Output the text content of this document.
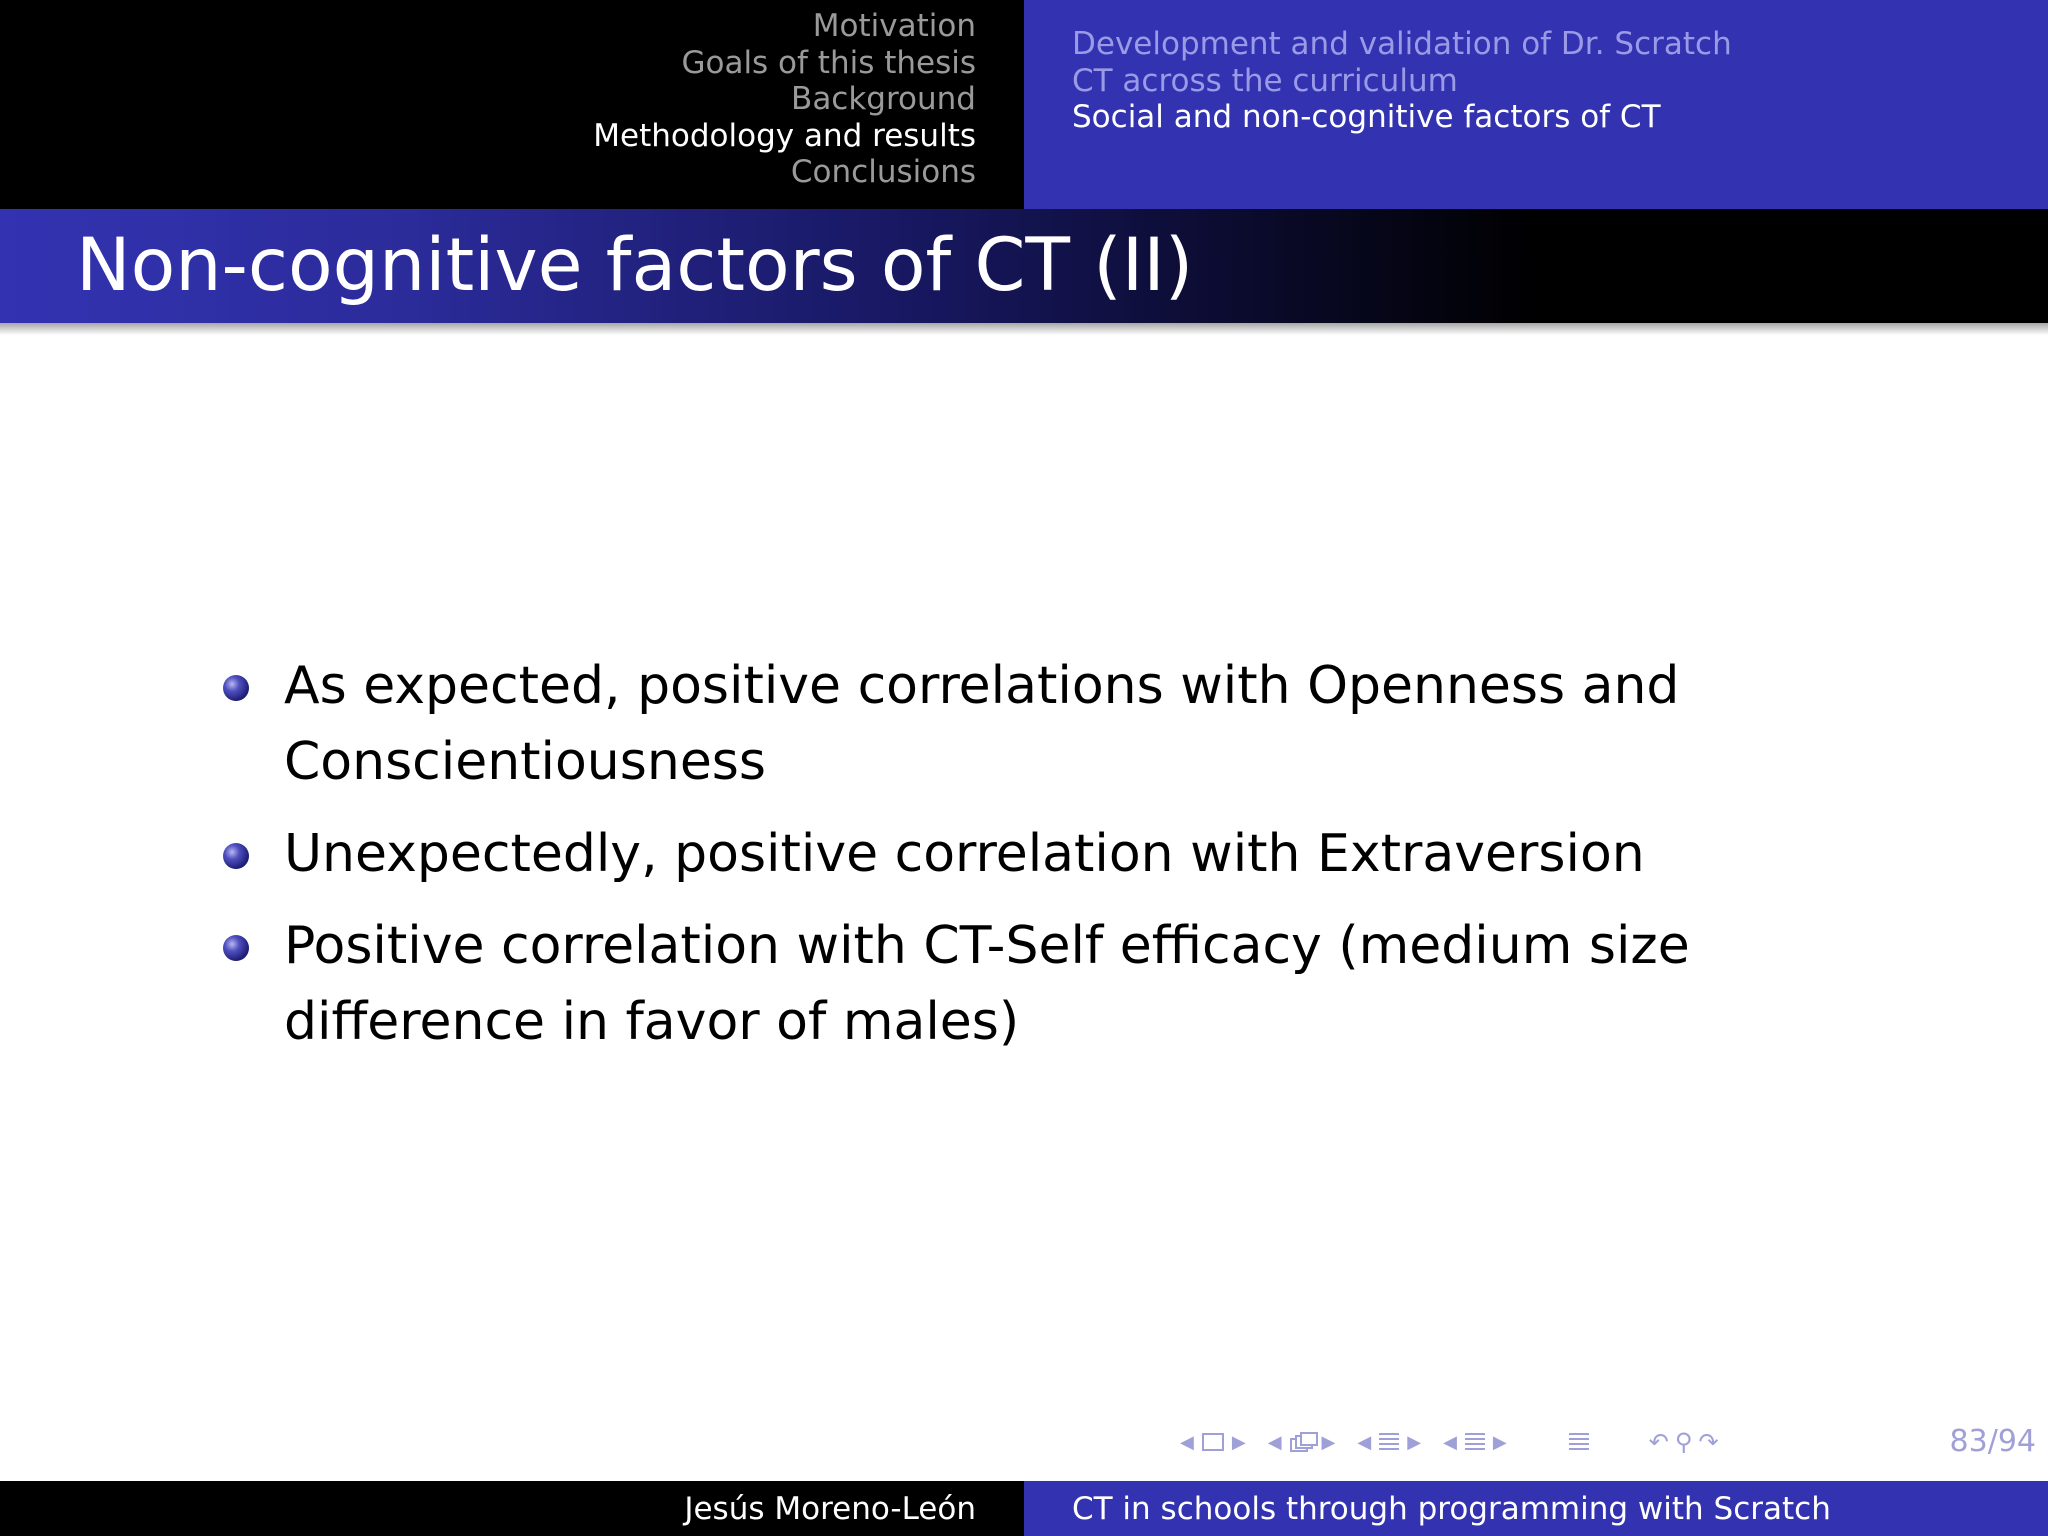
Motivation
Goals of this thesis
Background
Methodology and results
Conclusions
Development and validation of Dr. Scratch
CT across the curriculum
Social and non-cognitive factors of CT
Non-cognitive factors of CT (II)
As expected, positive correlations with Openness and Conscientiousness
Unexpectedly, positive correlation with Extraversion
Positive correlation with CT-Self efficacy (medium size difference in favor of males)
◀ ▶ ◀ ▶ ◀ ▶ ◀ ▶	↶ ⚲ ↷	83/94
Jesús Moreno-León	CT in schools through programming with Scratch
